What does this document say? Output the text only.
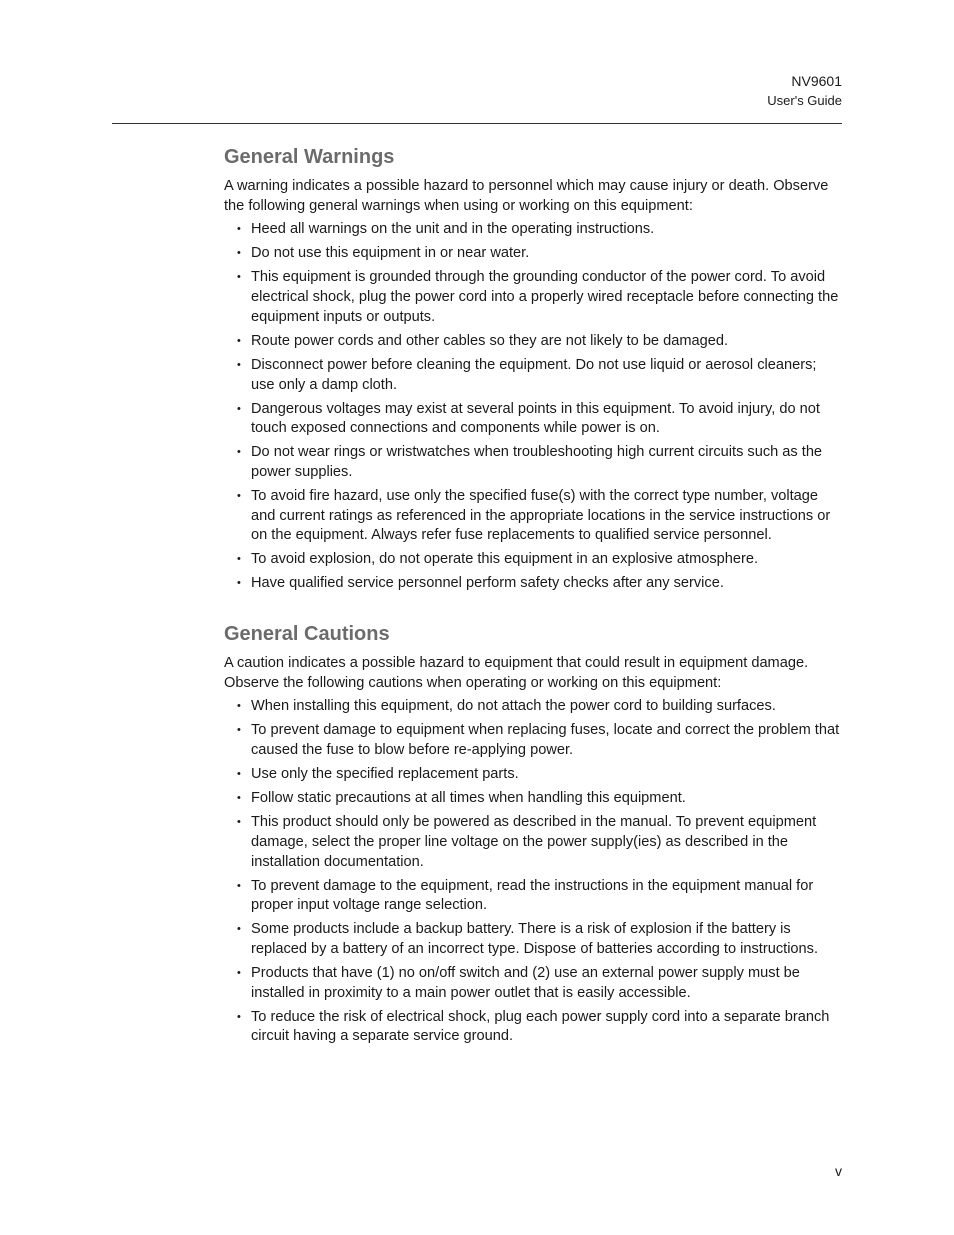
NV9601
User's Guide
General Warnings

A warning indicates a possible hazard to personnel which may cause injury or death. Observe the following general warnings when using or working on this equipment:

• Heed all warnings on the unit and in the operating instructions.
• Do not use this equipment in or near water.
• This equipment is grounded through the grounding conductor of the power cord. To avoid electrical shock, plug the power cord into a properly wired receptacle before connecting the equipment inputs or outputs.
• Route power cords and other cables so they are not likely to be damaged.
• Disconnect power before cleaning the equipment. Do not use liquid or aerosol cleaners; use only a damp cloth.
• Dangerous voltages may exist at several points in this equipment. To avoid injury, do not touch exposed connections and components while power is on.
• Do not wear rings or wristwatches when troubleshooting high current circuits such as the power supplies.
• To avoid fire hazard, use only the specified fuse(s) with the correct type number, voltage and current ratings as referenced in the appropriate locations in the service instructions or on the equipment. Always refer fuse replacements to qualified service personnel.
• To avoid explosion, do not operate this equipment in an explosive atmosphere.
• Have qualified service personnel perform safety checks after any service.
General Cautions

A caution indicates a possible hazard to equipment that could result in equipment damage. Observe the following cautions when operating or working on this equipment:

• When installing this equipment, do not attach the power cord to building surfaces.
• To prevent damage to equipment when replacing fuses, locate and correct the problem that caused the fuse to blow before re-applying power.
• Use only the specified replacement parts.
• Follow static precautions at all times when handling this equipment.
• This product should only be powered as described in the manual. To prevent equipment damage, select the proper line voltage on the power supply(ies) as described in the installation documentation.
• To prevent damage to the equipment, read the instructions in the equipment manual for proper input voltage range selection.
• Some products include a backup battery. There is a risk of explosion if the battery is replaced by a battery of an incorrect type. Dispose of batteries according to instructions.
• Products that have (1) no on/off switch and (2) use an external power supply must be installed in proximity to a main power outlet that is easily accessible.
• To reduce the risk of electrical shock, plug each power supply cord into a separate branch circuit having a separate service ground.
v
